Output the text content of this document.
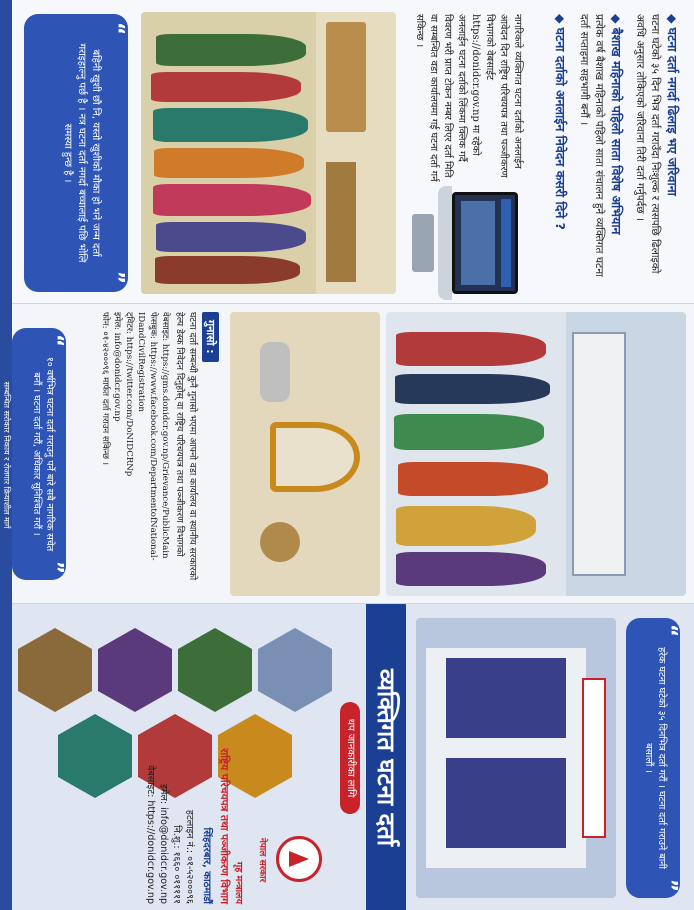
◆घटना दर्ता नगर्दा ढिलाइ भए जरिवाना

घटना घटेको ३५ दिन भित्र दर्ता गराउँदा निःशुल्क र त्यसपछि ढिलाइको अवधि अनुसार तोकिएको जरिवाना तिरी दर्ता गर्नुपर्दछ ।

◆बैशाख महिनाको पहिलो साता विशेष अभियान

प्रत्येक वर्ष बैशाख महिनाको पहिलो साता संचालन हुने व्यक्तिगत घटना दर्ता सप्ताहमा सहभागी बनौं ।

◆घटना दर्ताको अनलाईन निवेदन कसरी दिने ?

नागरिकले व्यक्तिगत घटना दर्ताको अनलाईन आवेदन दिन राष्ट्रिय परिचयपत्र तथा पञ्जीकरण विभागको वेबसाईट https://donidcr.gov.np मा रहेको अनलाईन घटना दर्ताको लिंकमा क्लिक गर्दै विवरण भरी प्राप्त टोकन नम्बर लिएर दर्ता मिति वा सम्बन्धित वडा कार्यालयमा गई घटना दर्ता गर्न सकिन्छ ।

“
बहिनी खुशी छौ नि, यस्तो खुशीको मौका हो भने जन्म दर्ता गराइहाल्नु पर्छ है । नत्र घटना दर्ता नगर्दा बच्चालाई पछि भोलि समस्या हुन्छ है ।
”
गुनासो :

घटना दर्ता सम्बन्धी कुनै गुनासो भएमा आफ्नो वडा कार्यालय वा स्थानीय सरकारको हेल्प डेस्क निवेदन दिनुहोस् वा राष्ट्रिय परिचयपत्र तथा पञ्जीकरण विभागको

वेबसाइट: https://gms.donidcr.gov.np/Grievance/PublicMain
फेसबुक: https://www.facebook.com/DepartmentofNational-IDandCivilRegistration
ट्विटर: https://twitter.com/DoNIDCRNp
इमेल: info@donidcr.gov.np
फोन: ०१-४२०००९६ मार्फत दर्ता गराउन सकिन्छ ।
“
१० वर्षभित्र घटना दर्ता गराउनु पर्ने बारे सबै नागरिक सचेत बनौं । घटना दर्ता गरौं, अधिकार सुनिश्चित गरौं ।
”
“
हरेक घटना घटेको ३५ दिनभित्र दर्ता गरौं । घटना दर्ता गराउने बानी बसालौं ।
”
व्यक्तिगत घटना दर्ता
थप जानकारीका लागि
नेपाल सरकार
गृह मन्त्रालय
राष्ट्रिय परिचयपत्र तथा पञ्जीकरण विभाग
सिंहदरबार, काठमाडौं
हटलाइन नं.: ०१-५२०००९६
नि.शु.: १६६० ०१११११
इमेल: info@donidcr.gov.np
वेबसाइट: https://donidcr.gov.np
सम्बन्धित सरोकार निकाय र रोजगार क्रियाशील मार्ग
